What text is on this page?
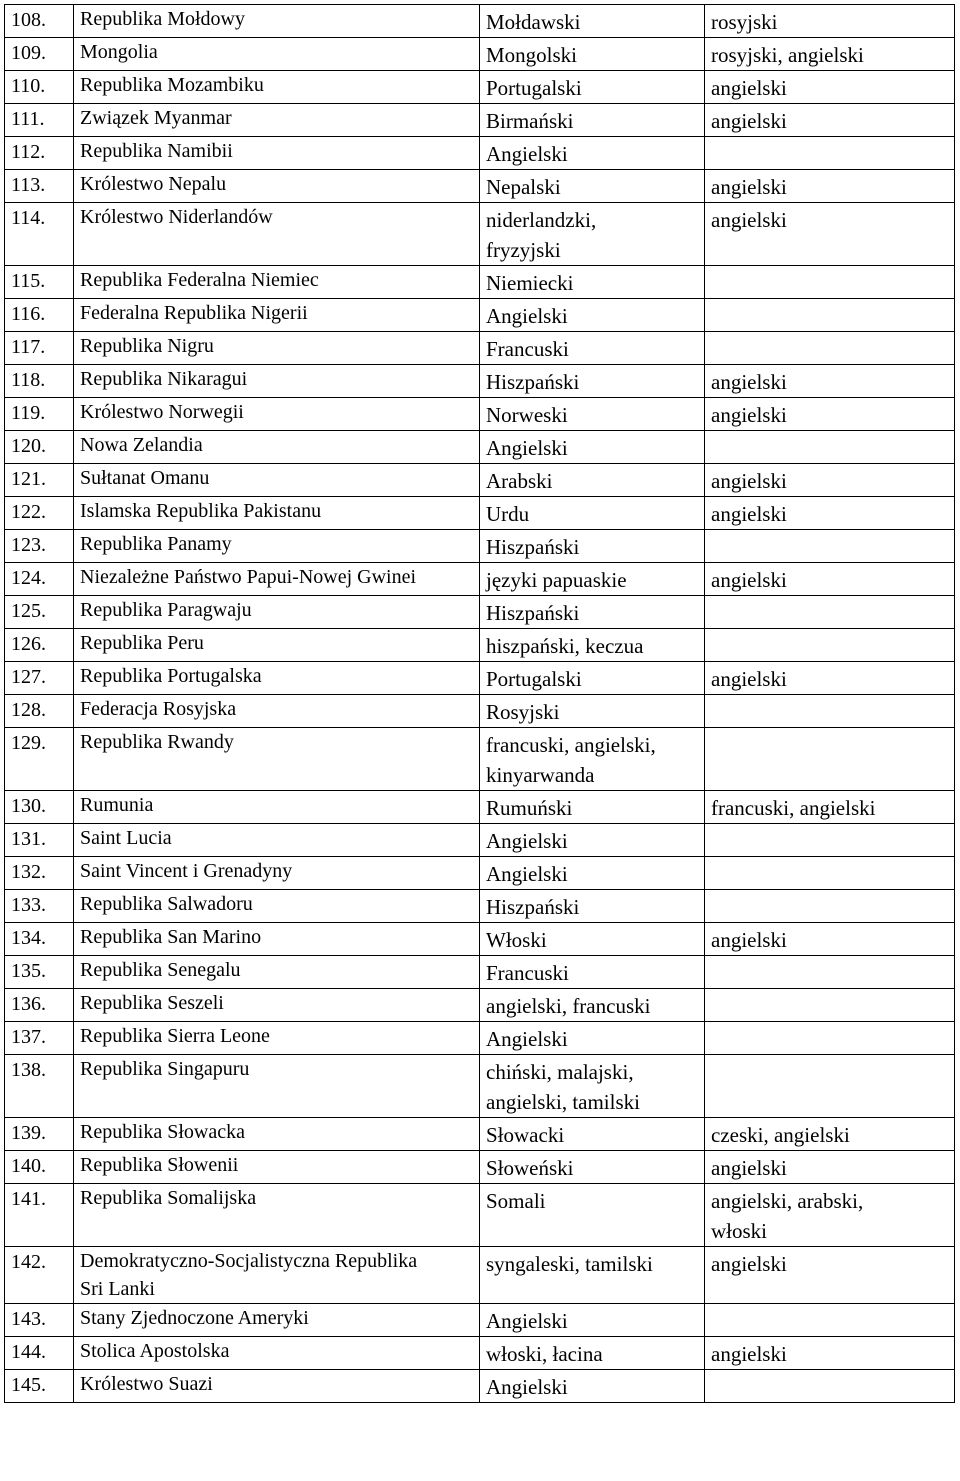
108.	Republika Mołdowy	Mołdawski	rosyjski
109.	Mongolia	Mongolski	rosyjski, angielski
110.	Republika Mozambiku	Portugalski	angielski
111.	Związek Myanmar	Birmański	angielski
112.	Republika Namibii	Angielski	
113.	Królestwo Nepalu	Nepalski	angielski
114.	Królestwo Niderlandów	niderlandzki,
fryzyjski	angielski
115.	Republika Federalna Niemiec	Niemiecki	
116.	Federalna Republika Nigerii	Angielski	
117.	Republika Nigru	Francuski	
118.	Republika Nikaragui	Hiszpański	angielski
119.	Królestwo Norwegii	Norweski	angielski
120.	Nowa Zelandia	Angielski	
121.	Sułtanat Omanu	Arabski	angielski
122.	Islamska Republika Pakistanu	Urdu	angielski
123.	Republika Panamy	Hiszpański	
124.	Niezależne Państwo Papui-Nowej Gwinei	języki papuaskie	angielski
125.	Republika Paragwaju	Hiszpański	
126.	Republika Peru	hiszpański, keczua	
127.	Republika Portugalska	Portugalski	angielski
128.	Federacja Rosyjska	Rosyjski	
129.	Republika Rwandy	francuski, angielski,
kinyarwanda	

130.	Rumunia	Rumuński	francuski, angielski
131.	Saint Lucia	Angielski	
132.	Saint Vincent i Grenadyny	Angielski	
133.	Republika Salwadoru	Hiszpański	
134.	Republika San Marino	Włoski	angielski
135.	Republika Senegalu	Francuski	
136.	Republika Seszeli	angielski, francuski	
137.	Republika Sierra Leone	Angielski	
138.	Republika Singapuru	chiński, malajski,
angielski, tamilski	

139.	Republika Słowacka	Słowacki	czeski, angielski
140.	Republika Słowenii	Słoweński	angielski
141.	Republika Somalijska	Somali	angielski, arabski,
włoski

142.	Demokratyczno-Socjalistyczna Republika
Sri Lanki	syngaleski, tamilski	angielski
143.	Stany Zjednoczone Ameryki	Angielski	
144.	Stolica Apostolska	włoski, łacina	angielski
145.	Królestwo Suazi	Angielski	
